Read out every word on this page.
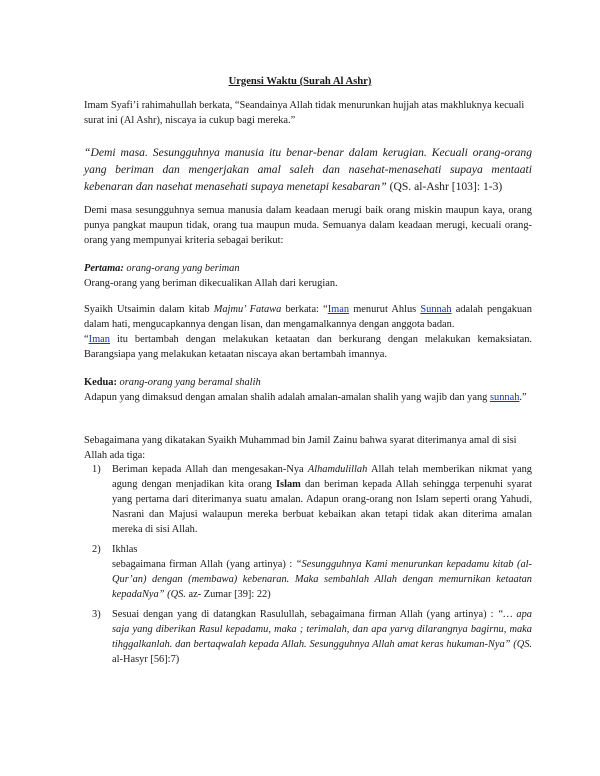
Urgensi Waktu (Surah Al Ashr)

Imam Syafi’i rahimahullah berkata, “Seandainya Allah tidak menurunkan hujjah atas makhluknya kecuali surat ini (Al Ashr), niscaya ia cukup bagi mereka.”

“Demi masa. Sesungguhnya manusia itu benar-benar dalam kerugian. Kecuali orang-orang yang beriman dan mengerjakan amal saleh dan nasehat-menasehati supaya mentaati kebenaran dan nasehat menasehati supaya menetapi kesabaran” (QS. al-Ashr [103]: 1-3)

Demi masa sesungguhnya semua manusia dalam keadaan merugi baik orang miskin maupun kaya, orang punya pangkat maupun tidak, orang tua maupun muda. Semuanya dalam keadaan merugi, kecuali orang-orang yang mempunyai kriteria sebagai berikut:

Pertama: orang-orang yang beriman
Orang-orang yang beriman dikecualikan Allah dari kerugian.

Syaikh Utsaimin dalam kitab Majmu’ Fatawa berkata: “Iman menurut Ahlus Sunnah adalah pengakuan dalam hati, mengucapkannya dengan lisan, dan mengamalkannya dengan anggota badan.
“Iman itu bertambah dengan melakukan ketaatan dan berkurang dengan melakukan kemaksiatan. Barangsiapa yang melakukan ketaatan niscaya akan bertambah imannya.

Kedua: orang-orang yang beramal shalih
Adapun yang dimaksud dengan amalan shalih adalah amalan-amalan shalih yang wajib dan yang sunnah.”

Sebagaimana yang dikatakan Syaikh Muhammad bin Jamil Zainu bahwa syarat diterimanya amal di sisi Allah ada tiga:

1) Beriman kepada Allah dan mengesakan-Nya Alhamdulillah Allah telah memberikan nikmat yang agung dengan menjadikan kita orang Islam dan beriman kepada Allah sehingga terpenuhi syarat yang pertama dari diterimanya suatu amalan. Adapun orang-orang non Islam seperti orang Yahudi, Nasrani dan Majusi walaupun mereka berbuat kebaikan akan tetapi tidak akan diterima amalan mereka di sisi Allah.
2) Ikhlas
sebagaimana firman Allah (yang artinya) : “Sesungguhnya Kami menurunkan kepadamu kitab (al-Qur’an) dengan (membawa) kebenaran. Maka sembahlah Allah dengan memurnikan ketaatan kepadaNya” (QS. az- Zumar [39]: 22)
3) Sesuai dengan yang di datangkan Rasulullah, sebagaimana firman Allah (yang artinya) : “… apa saja yang diberikan Rasul kepadamu, maka ; terimalah, dan apa yarvg dilarangnya bagirnu, maka tihggalkanlah. dan bertaqwalah kepada Allah. Sesungguhnya Allah amat keras hukuman-Nya” (QS. al-Hasyr [56]:7)
